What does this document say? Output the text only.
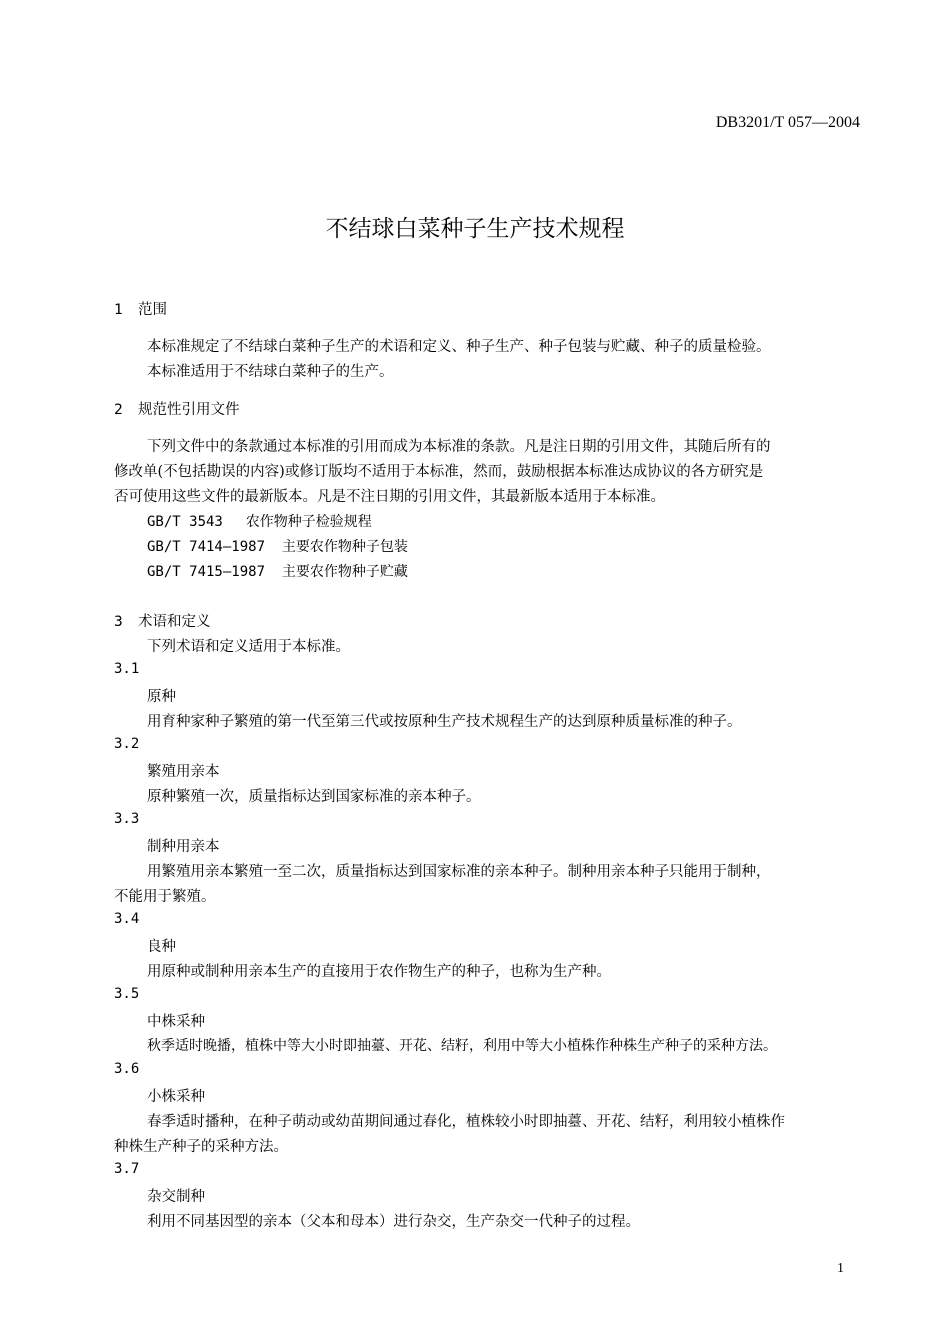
DB3201/T 057—2004
不结球白菜种子生产技术规程
1 范围
本标准规定了不结球白菜种子生产的术语和定义、种子生产、种子包装与贮藏、种子的质量检验。
本标准适用于不结球白菜种子的生产。
2 规范性引用文件
下列文件中的条款通过本标准的引用而成为本标准的条款。凡是注日期的引用文件，其随后所有的
修改单(不包括勘误的内容)或修订版均不适用于本标准，然而，鼓励根据本标准达成协议的各方研究是
否可使用这些文件的最新版本。凡是不注日期的引用文件，其最新版本适用于本标准。
GB/T 3543 农作物种子检验规程
GB/T 7414—1987 主要农作物种子包装
GB/T 7415—1987 主要农作物种子贮藏
3 术语和定义
下列术语和定义适用于本标准。
3.1
原种
用育种家种子繁殖的第一代至第三代或按原种生产技术规程生产的达到原种质量标准的种子。
3.2
繁殖用亲本
原种繁殖一次，质量指标达到国家标准的亲本种子。
3.3
制种用亲本
用繁殖用亲本繁殖一至二次，质量指标达到国家标准的亲本种子。制种用亲本种子只能用于制种，
不能用于繁殖。
3.4
良种
用原种或制种用亲本生产的直接用于农作物生产的种子，也称为生产种。
3.5
中株采种
秋季适时晚播，植株中等大小时即抽薹、开花、结籽，利用中等大小植株作种株生产种子的采种方法。
3.6
小株采种
春季适时播种，在种子萌动或幼苗期间通过春化，植株较小时即抽薹、开花、结籽，利用较小植株作
种株生产种子的采种方法。
3.7
杂交制种
利用不同基因型的亲本（父本和母本）进行杂交，生产杂交一代种子的过程。
1
